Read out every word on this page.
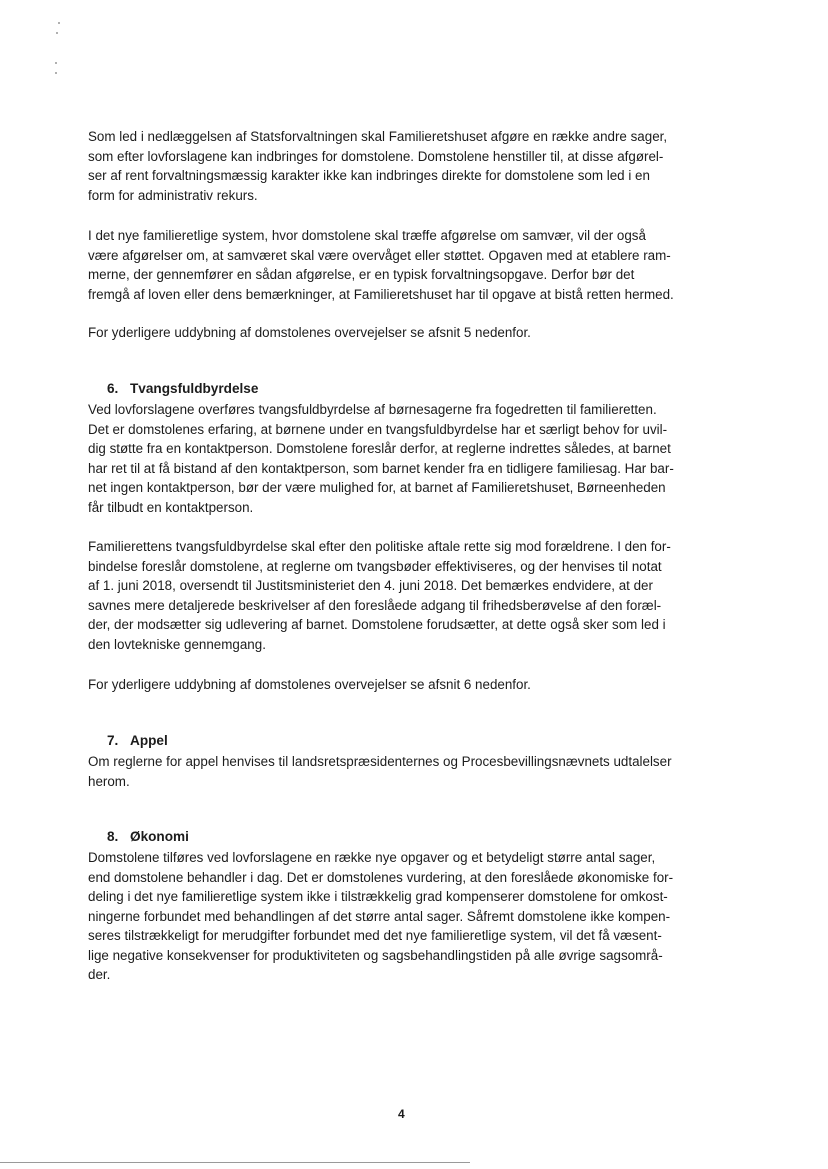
Som led i nedlæggelsen af Statsforvaltningen skal Familieretshuset afgøre en række andre sager,

som efter lovforslagene kan indbringes for domstolene. Domstolene henstiller til, at disse afgørel-

ser af rent forvaltningsmæssig karakter ikke kan indbringes direkte for domstolene som led i en

form for administrativ rekurs.

I det nye familieretlige system, hvor domstolene skal træffe afgørelse om samvær, vil der også

være afgørelser om, at samværet skal være overvåget eller støttet. Opgaven med at etablere ram-

merne, der gennemfører en sådan afgørelse, er en typisk forvaltningsopgave. Derfor bør det

fremgå af loven eller dens bemærkninger, at Familieretshuset har til opgave at bistå retten hermed.

For yderligere uddybning af domstolenes overvejelser se afsnit 5 nedenfor.

6. Tvangsfuldbyrdelse

Ved lovforslagene overføres tvangsfuldbyrdelse af børnesagerne fra fogedretten til familieretten.

Det er domstolenes erfaring, at børnene under en tvangsfuldbyrdelse har et særligt behov for uvil-

dig støtte fra en kontaktperson. Domstolene foreslår derfor, at reglerne indrettes således, at barnet

har ret til at få bistand af den kontaktperson, som barnet kender fra en tidligere familiesag. Har bar-

net ingen kontaktperson, bør der være mulighed for, at barnet af Familieretshuset, Børneenheden

får tilbudt en kontaktperson.

Familierettens tvangsfuldbyrdelse skal efter den politiske aftale rette sig mod forældrene. I den for-

bindelse foreslår domstolene, at reglerne om tvangsbøder effektiviseres, og der henvises til notat

af 1. juni 2018, oversendt til Justitsministeriet den 4. juni 2018. Det bemærkes endvidere, at der

savnes mere detaljerede beskrivelser af den foreslåede adgang til frihedsberøvelse af den foræl-

der, der modsætter sig udlevering af barnet. Domstolene forudsætter, at dette også sker som led i

den lovtekniske gennemgang.

For yderligere uddybning af domstolenes overvejelser se afsnit 6 nedenfor.

7. Appel

Om reglerne for appel henvises til landsretspræsidenternes og Procesbevillingsnævnets udtalelser

herom.

8. Økonomi

Domstolene tilføres ved lovforslagene en række nye opgaver og et betydeligt større antal sager,

end domstolene behandler i dag. Det er domstolenes vurdering, at den foreslåede økonomiske for-

deling i det nye familieretlige system ikke i tilstrækkelig grad kompenserer domstolene for omkost-

ningerne forbundet med behandlingen af det større antal sager. Såfremt domstolene ikke kompen-

seres tilstrækkeligt for merudgifter forbundet med det nye familieretlige system, vil det få væsent-

lige negative konsekvenser for produktiviteten og sagsbehandlingstiden på alle øvrige sagsområ-

der.

4
